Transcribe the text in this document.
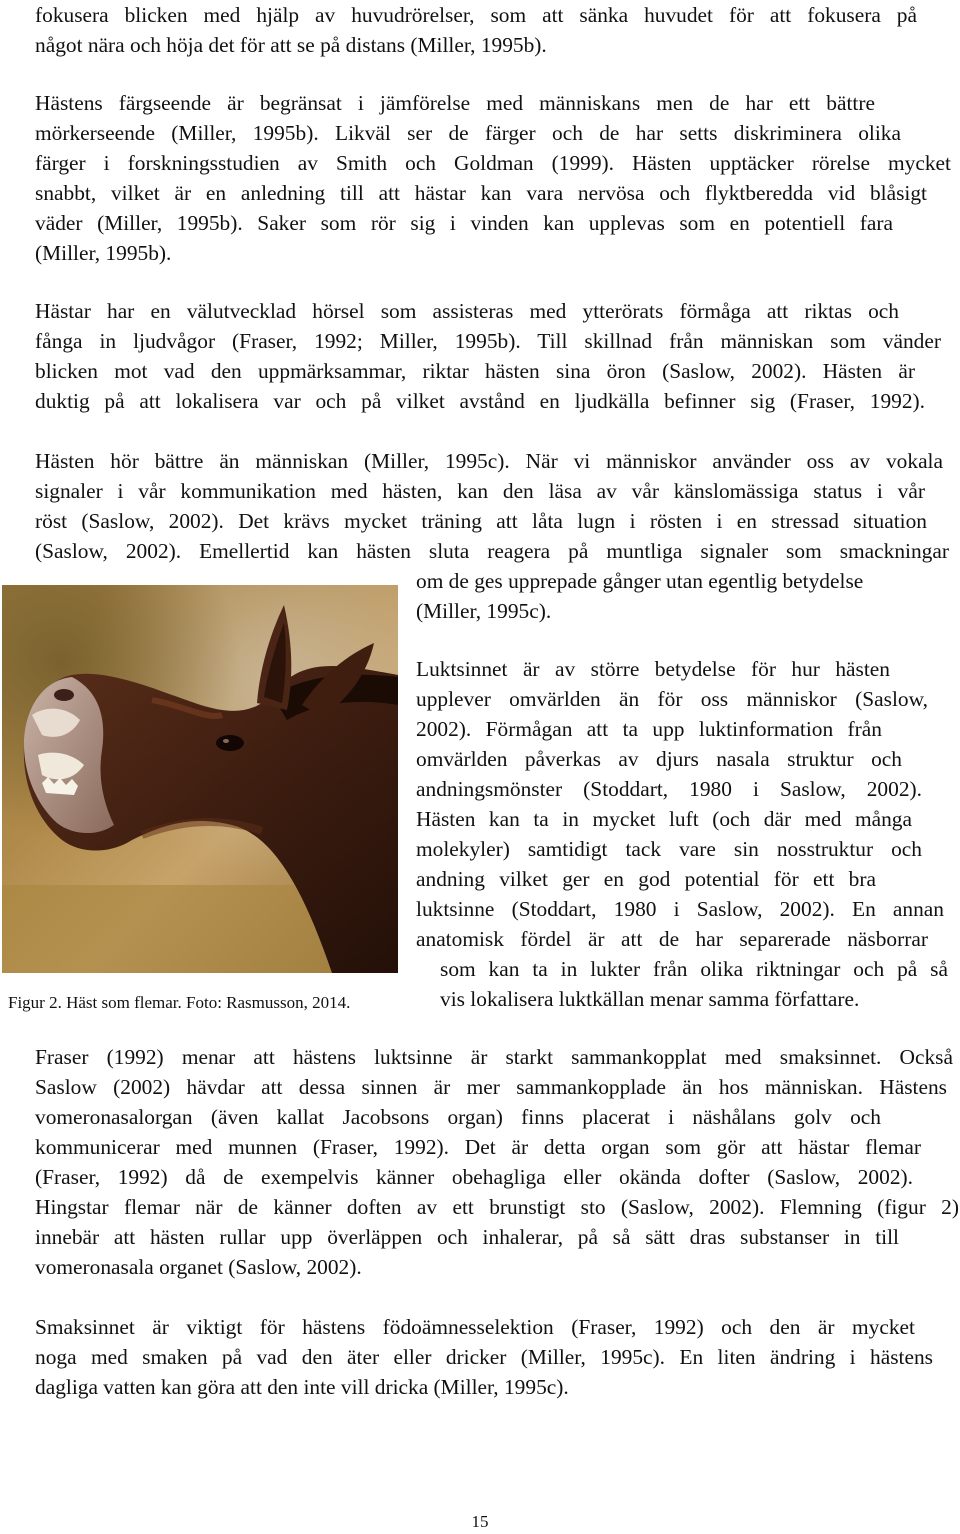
fokusera blicken med hjälp av huvudrörelser, som att sänka huvudet för att fokusera på

något nära och höja det för att se på distans (Miller, 1995b).

Hästens färgseende är begränsat i jämförelse med människans men de har ett bättre

mörkerseende (Miller, 1995b). Likväl ser de färger och de har setts diskriminera olika

färger i forskningsstudien av Smith och Goldman (1999). Hästen upptäcker rörelse mycket

snabbt, vilket är en anledning till att hästar kan vara nervösa och flyktberedda vid blåsigt

väder (Miller, 1995b). Saker som rör sig i vinden kan upplevas som en potentiell fara

(Miller, 1995b).

Hästar har en välutvecklad hörsel som assisteras med ytterörats förmåga att riktas och

fånga in ljudvågor (Fraser, 1992; Miller, 1995b). Till skillnad från människan som vänder

blicken mot vad den uppmärksammar, riktar hästen sina öron (Saslow, 2002). Hästen är

duktig på att lokalisera var och på vilket avstånd en ljudkälla befinner sig (Fraser, 1992).

Hästen hör bättre än människan (Miller, 1995c). När vi människor använder oss av vokala

signaler i vår kommunikation med hästen, kan den läsa av vår känslomässiga status i vår

röst (Saslow, 2002). Det krävs mycket träning att låta lugn i rösten i en stressad situation

(Saslow, 2002). Emellertid kan hästen sluta reagera på muntliga signaler som smackningar

om de ges upprepade gånger utan egentlig betydelse

(Miller, 1995c).

Luktsinnet är av större betydelse för hur hästen

upplever omvärlden än för oss människor (Saslow,

2002). Förmågan att ta upp luktinformation från

omvärlden påverkas av djurs nasala struktur och

andningsmönster (Stoddart, 1980 i Saslow, 2002).

Hästen kan ta in mycket luft (och där med många

molekyler) samtidigt tack vare sin nosstruktur och

andning vilket ger en god potential för ett bra

luktsinne (Stoddart, 1980 i Saslow, 2002). En annan

anatomisk fördel är att de har separerade näsborrar

som kan ta in lukter från olika riktningar och på så

vis lokalisera luktkällan menar samma författare.

Figur 2. Häst som flemar. Foto: Rasmusson, 2014.

Fraser (1992) menar att hästens luktsinne är starkt sammankopplat med smaksinnet. Också

Saslow (2002) hävdar att dessa sinnen är mer sammankopplade än hos människan. Hästens

vomeronasalorgan (även kallat Jacobsons organ) finns placerat i näshålans golv och

kommunicerar med munnen (Fraser, 1992). Det är detta organ som gör att hästar flemar

(Fraser, 1992) då de exempelvis känner obehagliga eller okända dofter (Saslow, 2002).

Hingstar flemar när de känner doften av ett brunstigt sto (Saslow, 2002). Flemning (figur 2)

innebär att hästen rullar upp överläppen och inhalerar, på så sätt dras substanser in till

vomeronasala organet (Saslow, 2002).

Smaksinnet är viktigt för hästens födoämnesselektion (Fraser, 1992) och den är mycket

noga med smaken på vad den äter eller dricker (Miller, 1995c). En liten ändring i hästens

dagliga vatten kan göra att den inte vill dricka (Miller, 1995c).

15
